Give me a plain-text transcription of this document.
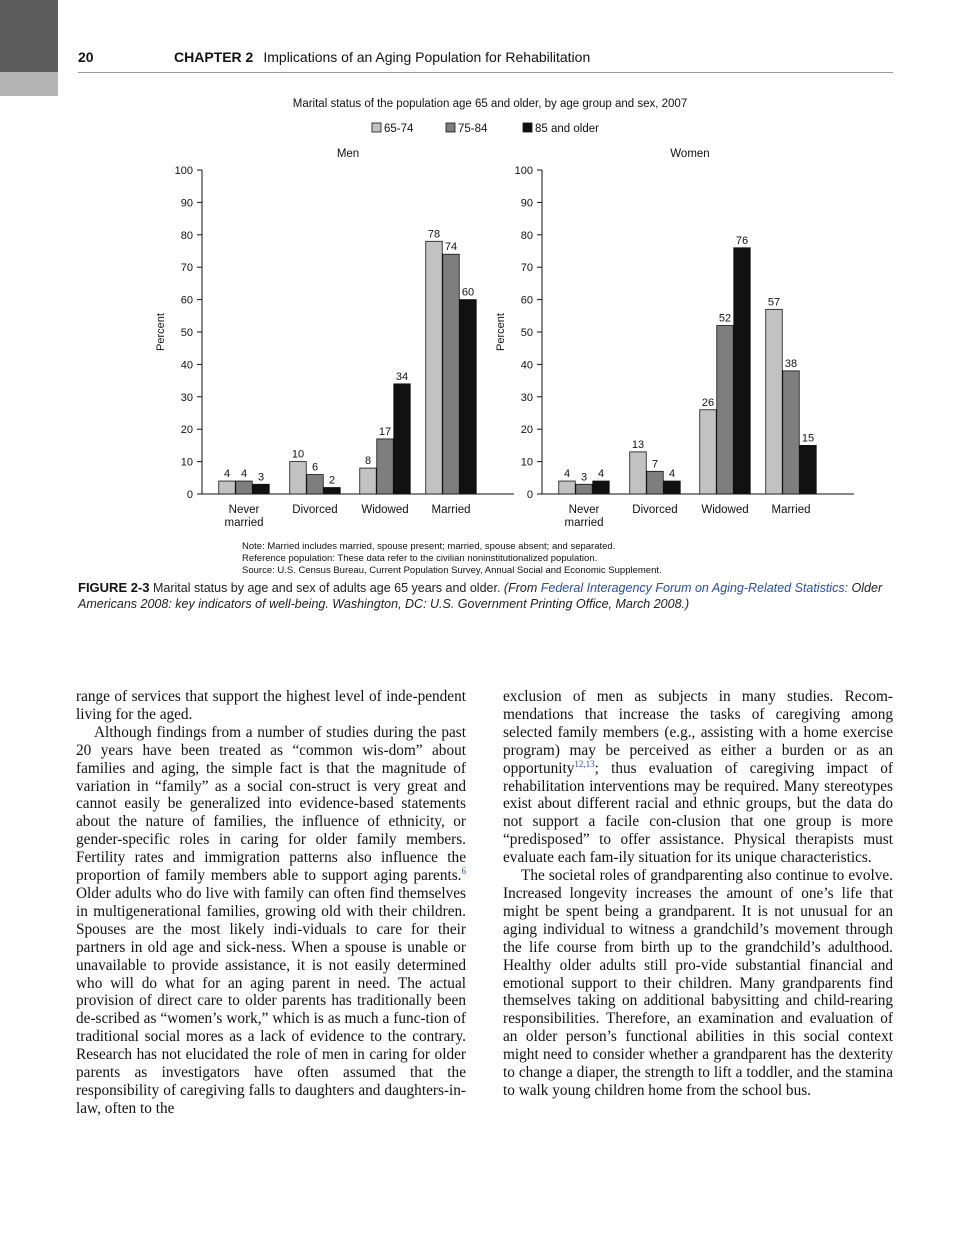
20	CHAPTER 2 Implications of an Aging Population for Rehabilitation
Marital status of the population age 65 and older, by age group and sex, 2007
65-74	75-84	85 and older
Men
0
10
20
30
40
50
60
70
80
90
100
Percent
4 4 3
Never married
10
6
2
Divorced
8
17
34
Widowed
78
74
60
Married
Women
0
10
20
30
40
50
60
70
80
90
100
Percent
4 3 4
Never married
13
7
4
Divorced
26
52
76
Widowed
57
38
15
Married
Note: Married includes married, spouse present; married, spouse absent; and separated.
Reference population: These data refer to the civilian noninstitutionalized population.
Source: U.S. Census Bureau, Current Population Survey, Annual Social and Economic Supplement.
FIGURE 2-3 Marital status by age and sex of adults age 65 years and older. (From Federal Interagency Forum on Aging-Related Statistics: Older Americans 2008: key indicators of well-being. Washington, DC: U.S. Government Printing Office, March 2008.)

range of services that support the highest level of inde-pendent living for the aged.

Although findings from a number of studies during the past 20 years have been treated as “common wis-dom” about families and aging, the simple fact is that the magnitude of variation in “family” as a social con-struct is very great and cannot easily be generalized into evidence-based statements about the nature of families, the influence of ethnicity, or gender-specific roles in caring for older family members. Fertility rates and immigration patterns also influence the proportion of family members able to support aging parents.$^6$ Older adults who do live with family can often find themselves in multigenerational families, growing old with their children. Spouses are the most likely indi-viduals to care for their partners in old age and sick-ness. When a spouse is unable or unavailable to provide assistance, it is not easily determined who will do what for an aging parent in need. The actual provision of direct care to older parents has traditionally been de-scribed as “women’s work,” which is as much a func-tion of traditional social mores as a lack of evidence to the contrary. Research has not elucidated the role of men in caring for older parents as investigators have often assumed that the responsibility of caregiving falls to daughters and daughters-in-law, often to the

exclusion of men as subjects in many studies. Recom-mendations that increase the tasks of caregiving among selected family members (e.g., assisting with a home exercise program) may be perceived as either a burden or as an opportunity$^{12,13}$; thus evaluation of caregiving impact of rehabilitation interventions may be required. Many stereotypes exist about different racial and ethnic groups, but the data do not support a facile con-clusion that one group is more “predisposed” to offer assistance. Physical therapists must evaluate each fam-ily situation for its unique characteristics.

The societal roles of grandparenting also continue to evolve. Increased longevity increases the amount of one’s life that might be spent being a grandparent. It is not unusual for an aging individual to witness a grandchild’s movement through the life course from birth up to the grandchild’s adulthood. Healthy older adults still pro-vide substantial financial and emotional support to their children. Many grandparents find themselves taking on additional babysitting and child-rearing responsibilities. Therefore, an examination and evaluation of an older person’s functional abilities in this social context might need to consider whether a grandparent has the dexterity to change a diaper, the strength to lift a toddler, and the stamina to walk young children home from the school bus.
